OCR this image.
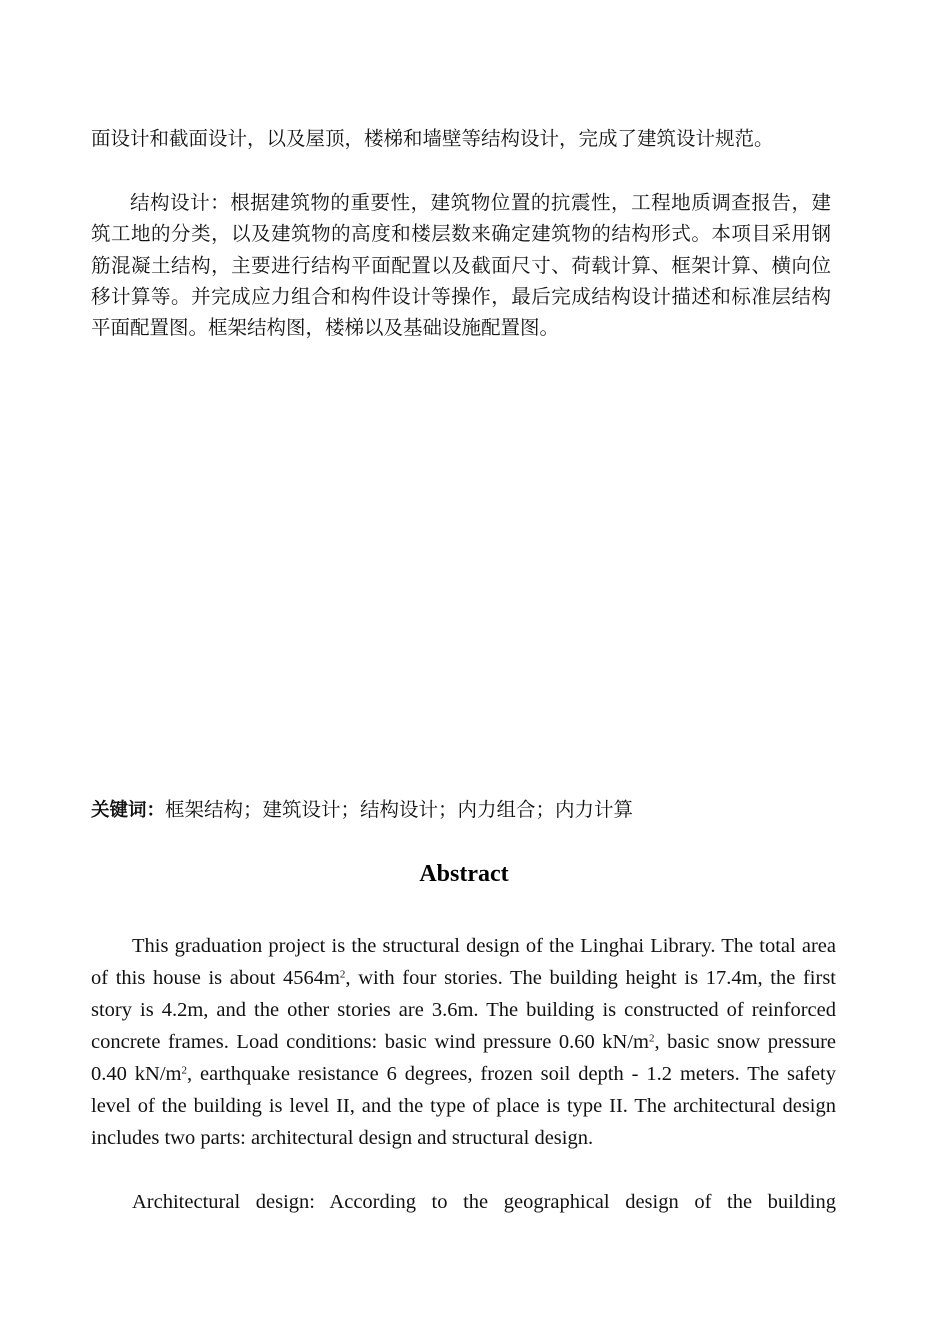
面设计和截面设计，以及屋顶，楼梯和墙壁等结构设计，完成了建筑设计规范。

结构设计：根据建筑物的重要性，建筑物位置的抗震性，工程地质调查报告，建筑工地的分类，以及建筑物的高度和楼层数来确定建筑物的结构形式。本项目采用钢筋混凝土结构，主要进行结构平面配置以及截面尺寸、荷载计算、框架计算、横向位移计算等。并完成应力组合和构件设计等操作，最后完成结构设计描述和标准层结构平面配置图。框架结构图，楼梯以及基础设施配置图。

关键词：框架结构；建筑设计；结构设计；内力组合；内力计算
Abstract

This graduation project is the structural design of the Linghai Library. The total area of this house is about $4564m^2$, with four stories. The building height is 17.4m, the first story is 4.2m, and the other stories are 3.6m. The building is constructed of reinforced concrete frames. Load conditions: basic wind pressure 0.60 $kN/m^2$, basic snow pressure 0.40 $kN/m^2$, earthquake resistance 6 degrees, frozen soil depth - 1.2 meters. The safety level of the building is level II, and the type of place is type II. The architectural design includes two parts: architectural design and structural design.

Architectural design: According to the geographical design of the building
